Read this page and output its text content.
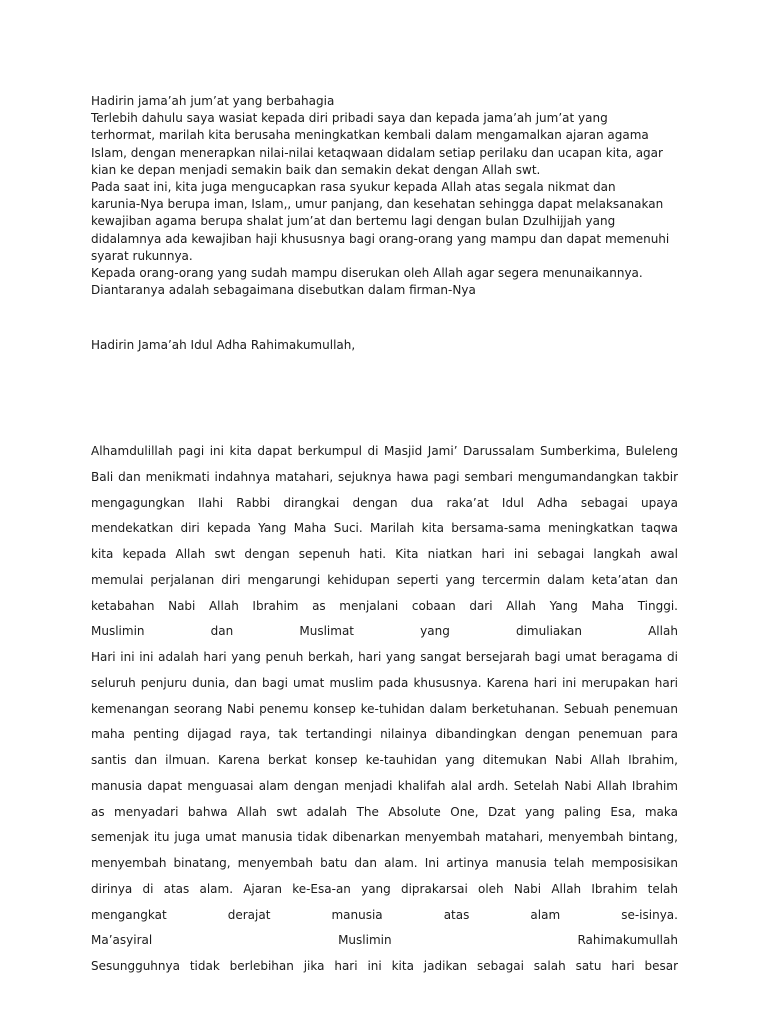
Hadirin jama’ah jum’at yang berbahagia
Terlebih dahulu saya wasiat kepada diri pribadi saya dan kepada jama’ah jum’at yang
terhormat, marilah kita berusaha meningkatkan kembali dalam mengamalkan ajaran agama
Islam, dengan menerapkan nilai-nilai ketaqwaan didalam setiap perilaku dan ucapan kita, agar
kian ke depan menjadi semakin baik dan semakin dekat dengan Allah swt.
Pada saat ini, kita juga mengucapkan rasa syukur kepada Allah atas segala nikmat dan
karunia-Nya berupa iman, Islam,, umur panjang, dan kesehatan sehingga dapat melaksanakan
kewajiban agama berupa shalat jum’at dan bertemu lagi dengan bulan Dzulhijjah yang
didalamnya ada kewajiban haji khususnya bagi orang-orang yang mampu dan dapat memenuhi
syarat rukunnya.
Kepada orang-orang yang sudah mampu diserukan oleh Allah agar segera menunaikannya.
Diantaranya adalah sebagaimana disebutkan dalam firman-Nya
Hadirin Jama’ah Idul Adha Rahimakumullah,
Alhamdulillah pagi ini kita dapat berkumpul di Masjid Jami’ Darussalam Sumberkima, Buleleng
Bali dan menikmati indahnya matahari, sejuknya hawa pagi sembari mengumandangkan takbir
mengagungkan Ilahi Rabbi dirangkai dengan dua raka’at Idul Adha sebagai upaya
mendekatkan diri kepada Yang Maha Suci. Marilah kita bersama-sama meningkatkan taqwa
kita kepada Allah swt dengan sepenuh hati. Kita niatkan hari ini sebagai langkah awal
memulai perjalanan diri mengarungi kehidupan seperti yang tercermin dalam keta’atan dan
ketabahan Nabi Allah Ibrahim as menjalani cobaan dari Allah Yang Maha Tinggi.
Muslimin	dan	Muslimat	yang	dimuliakan	Allah
Hari ini ini adalah hari yang penuh berkah, hari yang sangat bersejarah bagi umat beragama di
seluruh penjuru dunia, dan bagi umat muslim pada khususnya. Karena hari ini merupakan hari
kemenangan seorang Nabi penemu konsep ke-tuhidan dalam berketuhanan. Sebuah penemuan
maha penting dijagad raya, tak tertandingi nilainya dibandingkan dengan penemuan para
santis dan ilmuan. Karena berkat konsep ke-tauhidan yang ditemukan Nabi Allah Ibrahim,
manusia dapat menguasai alam dengan menjadi khalifah alal ardh. Setelah Nabi Allah Ibrahim
as menyadari bahwa Allah swt adalah The Absolute One, Dzat yang paling Esa, maka
semenjak itu juga umat manusia tidak dibenarkan menyembah matahari, menyembah bintang,
menyembah binatang, menyembah batu dan alam. Ini artinya manusia telah memposisikan
dirinya di atas alam. Ajaran ke-Esa-an yang diprakarsai oleh Nabi Allah Ibrahim telah
mengangkat	derajat	manusia	atas	alam	se-isinya.
Ma’asyiral	Muslimin	Rahimakumullah
Sesungguhnya tidak berlebihan jika hari ini kita jadikan sebagai salah satu hari besar
